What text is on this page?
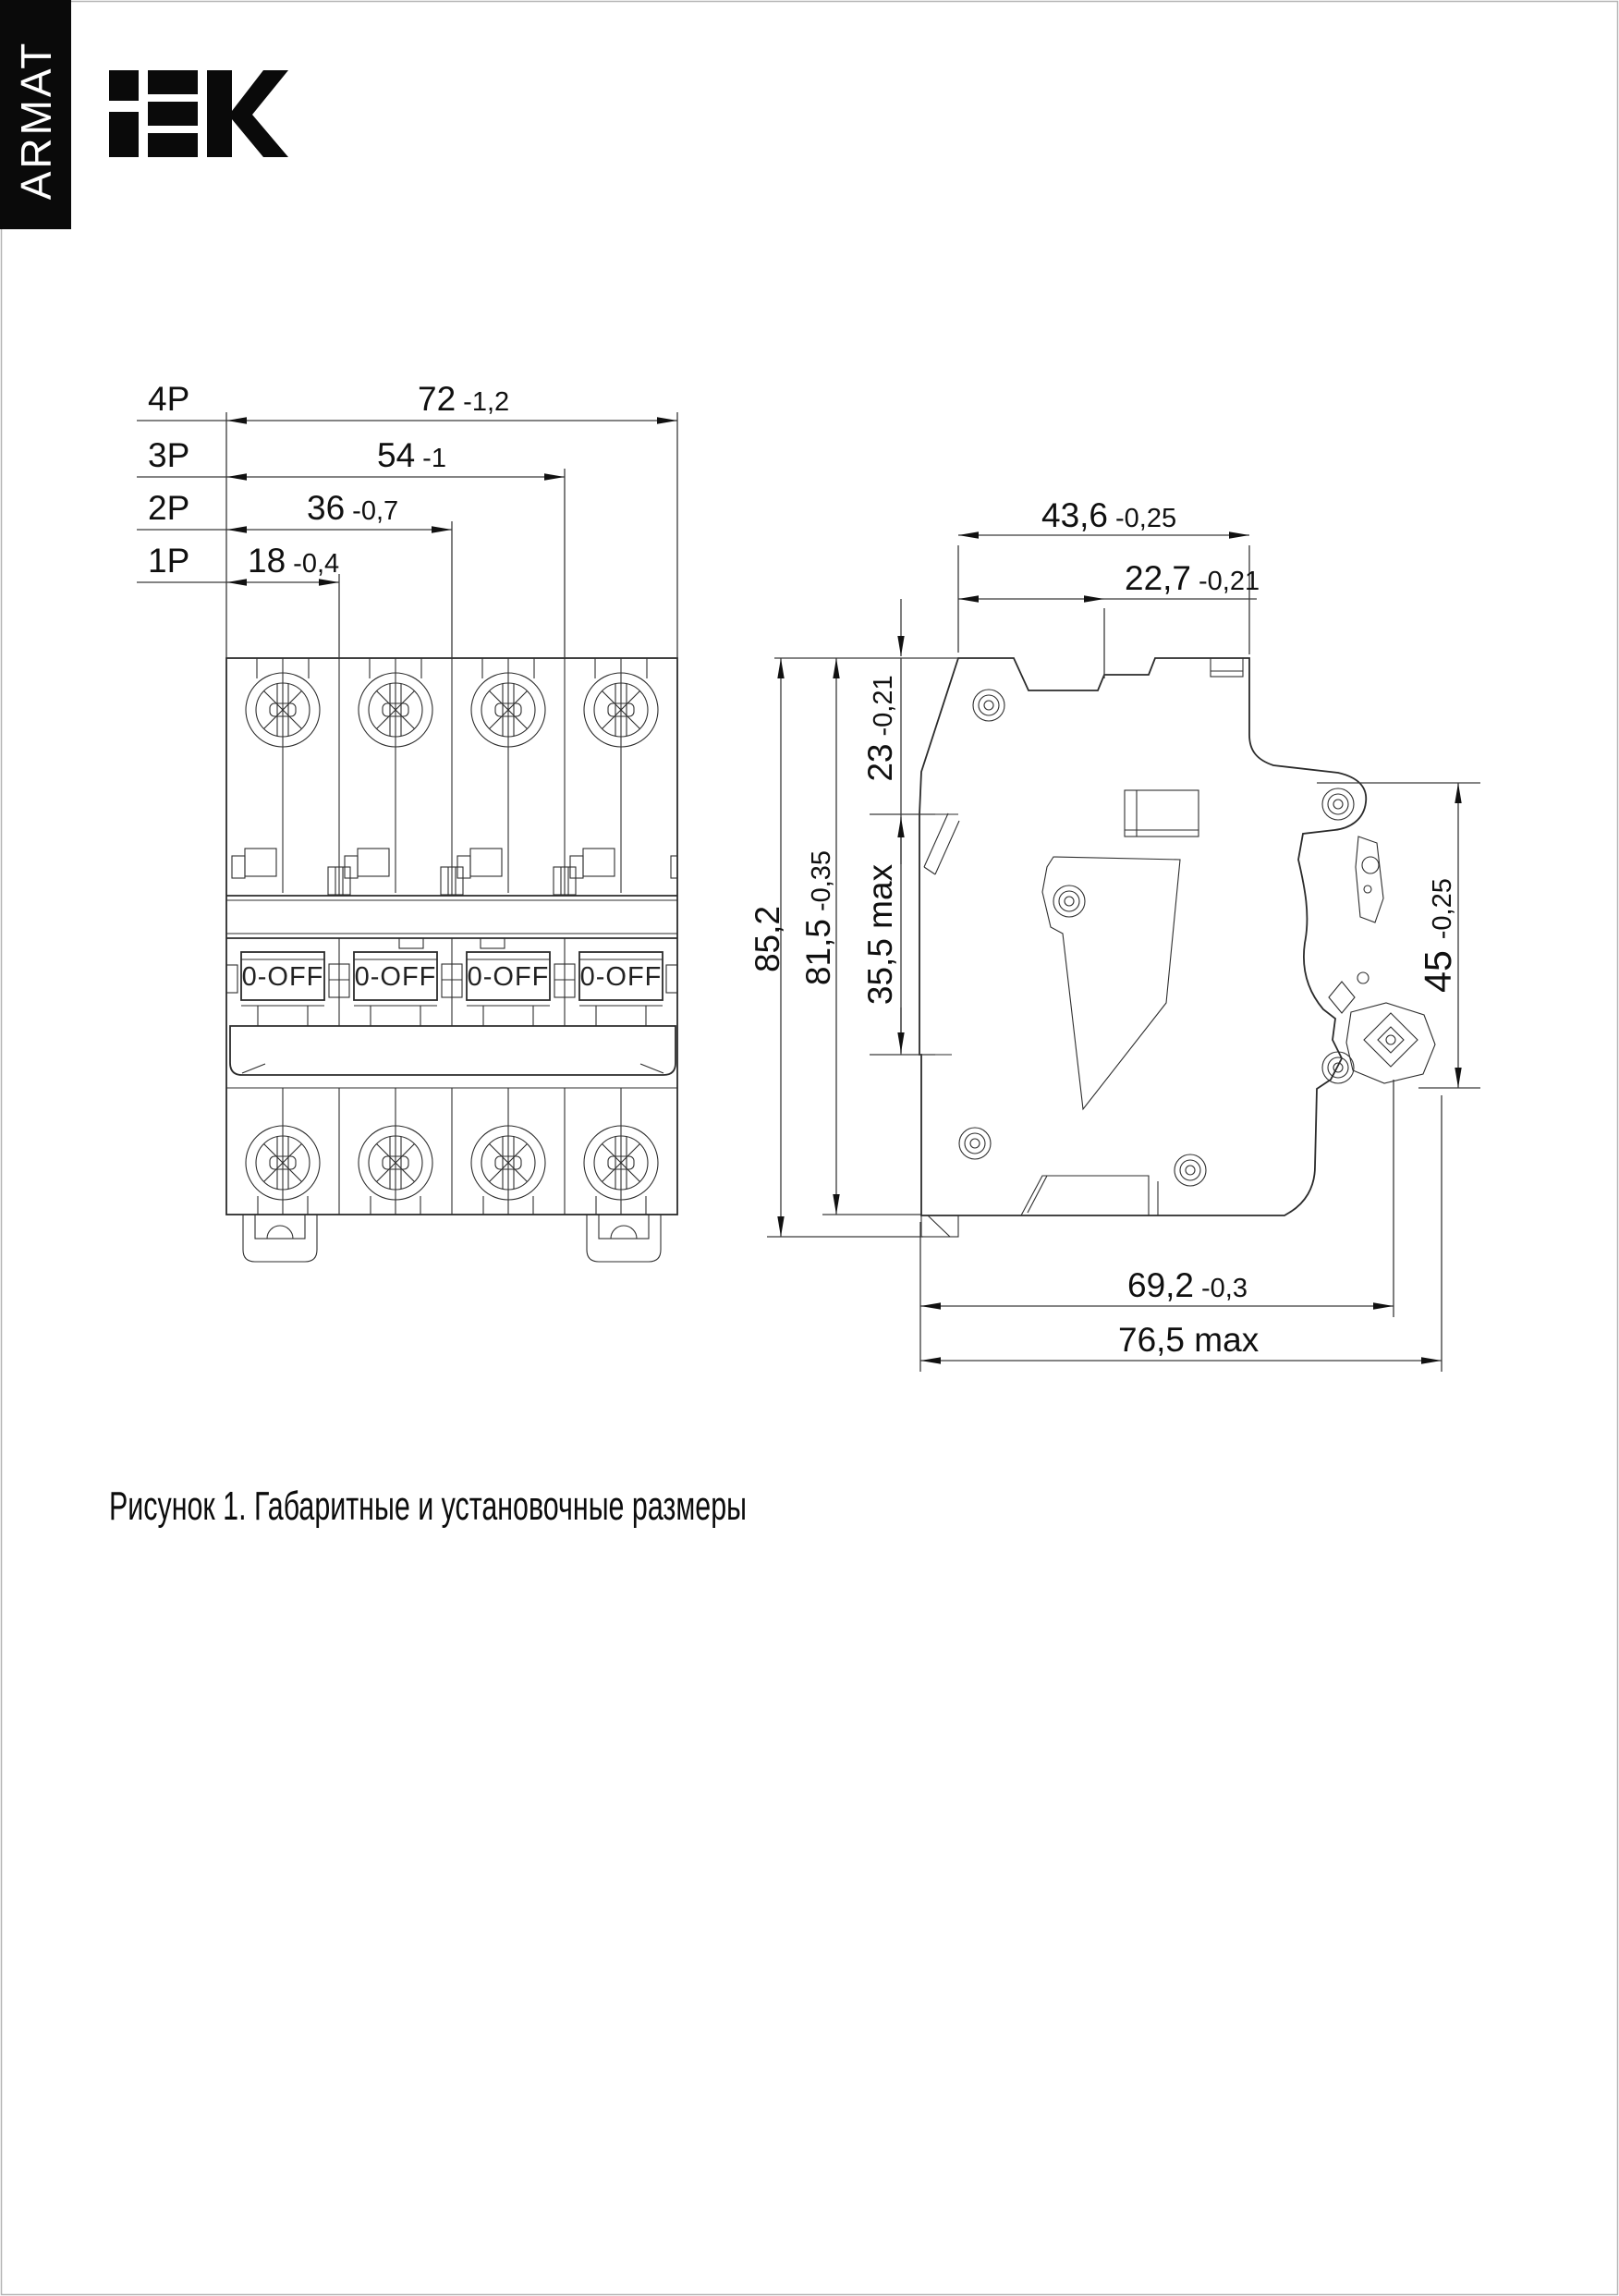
ARMAT
0-OFF 0-OFF 0-OFF 0-OFF
4P
3P
2P
1P
72 -1,2
54 -1
36 -0,7
18 -0,4
43,6 -0,25
22,7 -0,21
23-0,21
35,5 max
81,5-0,35
85,2	45-0,25
69,2 -0,3
76,5 max
Рисунок 1. Габаритные и установочные размеры
